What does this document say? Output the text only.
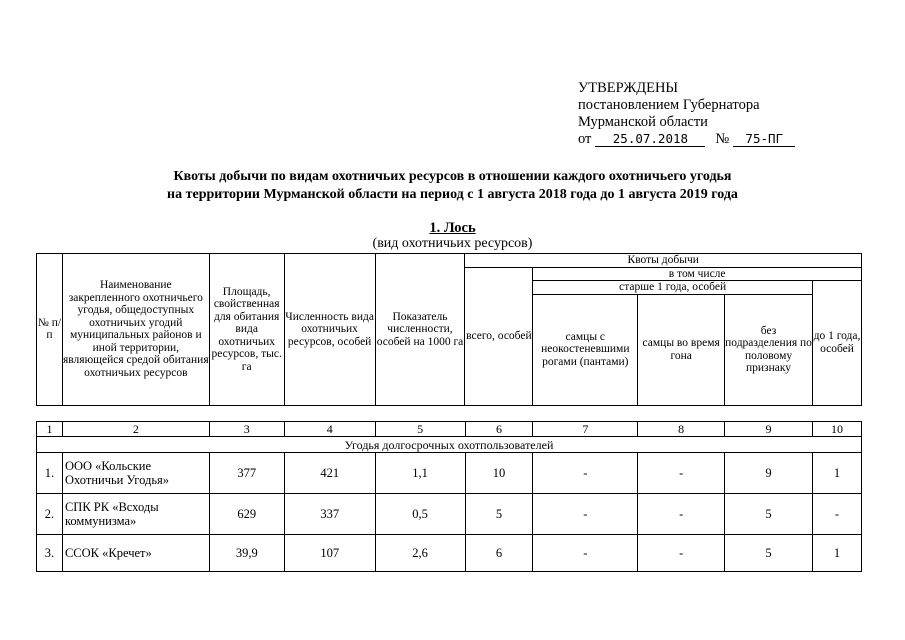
УТВЕРЖДЕНЫ
постановлением Губернатора
Мурманской области
от 25.07.2018 № 75-ПГ
Квоты добычи по видам охотничьих ресурсов в отношении каждого охотничьего угодья
на территории Мурманской области на период с 1 августа 2018 года до 1 августа 2019 года
1. Лось
(вид охотничьих ресурсов)
№ п/п	Наименование закрепленного охотничьего угодья, общедоступных охотничьих угодий муниципальных районов и иной территории, являющейся средой обитания охотничьих ресурсов	Площадь, свойственная для обитания вида охотничьих ресурсов, тыс. га	Численность вида охотничьих ресурсов, особей	Показатель численности, особей на 1000 га	Квоты добычи				
					всего, особей	в том числе			
						старше 1 года, особей			до 1 года, особей
						самцы с неокостеневшими рогами (пантами)	самцы во время гона	без подразделения по половому признаку	
1	2	3	4	5	6	7	8	9	10
Угодья долгосрочных охотпользователей									
1.	ООО «Кольские Охотничьи Угодья»	377	421	1,1	10	-	-	9	1
2.	СПК РК «Всходы коммунизма»	629	337	0,5	5	-	-	5	-
3.	ССОК «Кречет»	39,9	107	2,6	6	-	-	5	1
